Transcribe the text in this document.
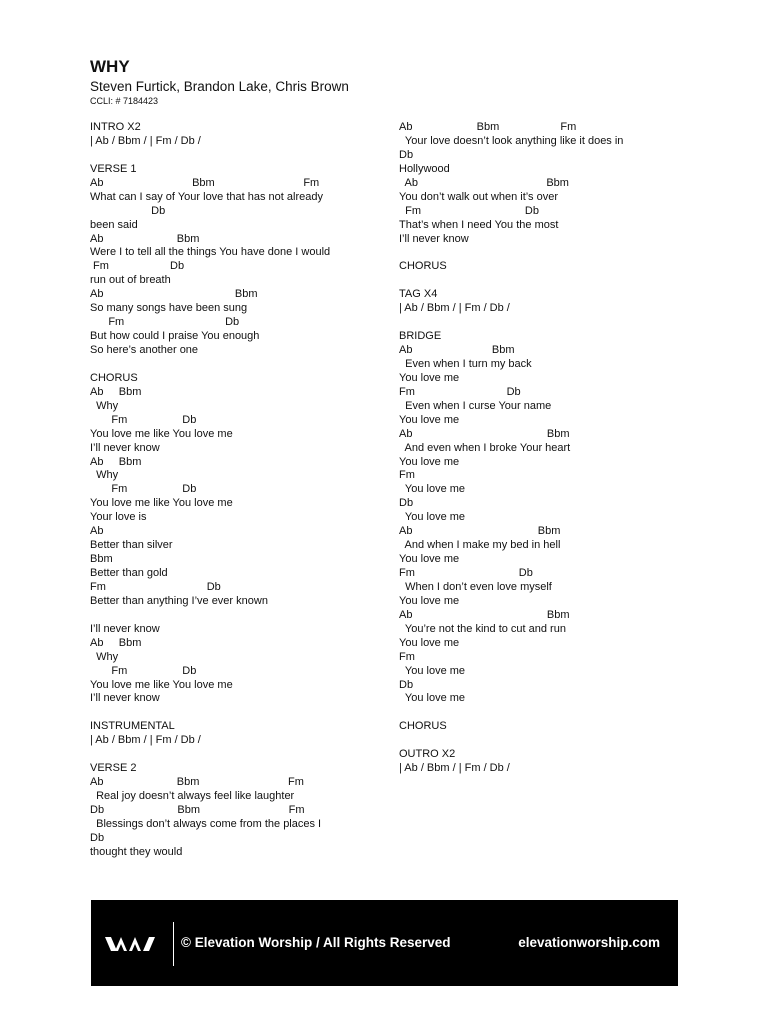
WHY
Steven Furtick, Brandon Lake, Chris Brown
CCLI: # 7184423
INTRO X2
| Ab / Bbm / | Fm / Db /
VERSE 1
Ab                             Bbm                             Fm
What can I say of Your love that has not already
Db
been said
Ab                        Bbm
Were I to tell all the things You have done I would
Fm                    Db
run out of breath
Ab                                           Bbm
So many songs have been sung
Fm                                 Db
But how could I praise You enough
So here’s another one
CHORUS
Ab     Bbm
Why
Fm                  Db
You love me like You love me
I’ll never know
Ab     Bbm
Why
Fm                  Db
You love me like You love me
Your love is
Ab
Better than silver
Bbm
Better than gold
Fm                                 Db
Better than anything I’ve ever known
I’ll never know
Ab     Bbm
Why
Fm                  Db
You love me like You love me
I’ll never know
INSTRUMENTAL
| Ab / Bbm / | Fm / Db /
VERSE 2
Ab                        Bbm                             Fm
Real joy doesn’t always feel like laughter
Db                        Bbm                             Fm
Blessings don’t always come from the places I
Db
thought they would
Ab                     Bbm                    Fm
Your love doesn’t look anything like it does in
Db
Hollywood
Ab                                          Bbm
You don’t walk out when it’s over
Fm                                  Db
That’s when I need You the most
I’ll never know
CHORUS
TAG X4
| Ab / Bbm / | Fm / Db /
BRIDGE
Ab                          Bbm
Even when I turn my back
You love me
Fm                              Db
Even when I curse Your name
You love me
Ab                                            Bbm
And even when I broke Your heart
You love me
Fm
You love me
Db
You love me
Ab                                         Bbm
And when I make my bed in hell
You love me
Fm                                  Db
When I don’t even love myself
You love me
Ab                                            Bbm
You’re not the kind to cut and run
You love me
Fm
You love me
Db
You love me
CHORUS
OUTRO X2
| Ab / Bbm / | Fm / Db /
© Elevation Worship / All Rights Reserved	elevationworship.com
